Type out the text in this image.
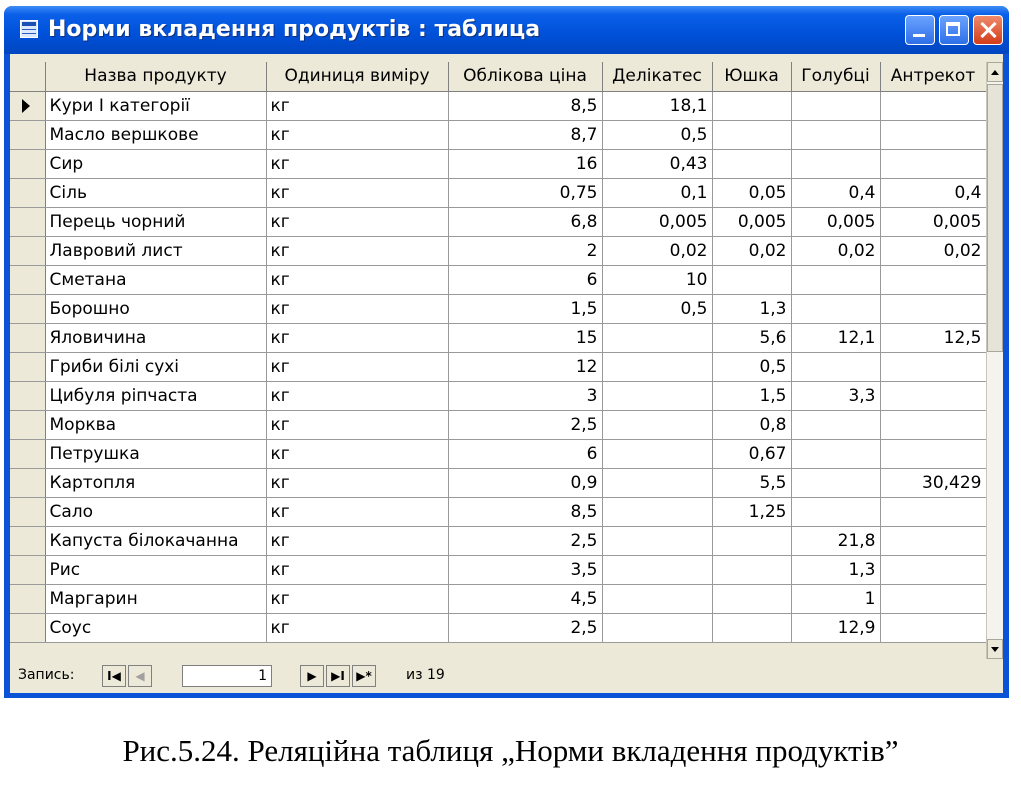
Норми вкладення продуктів : таблица
	Назва продукту	Одиниця виміру	Облікова ціна	Делікатес	Юшка	Голубці	Антрекот
	Кури І категорії	кг	8,5	18,1			
	Масло вершкове	кг	8,7	0,5			
	Сир	кг	16	0,43			
	Сіль	кг	0,75	0,1	0,05	0,4	0,4
	Перець чорний	кг	6,8	0,005	0,005	0,005	0,005
	Лавровий лист	кг	2	0,02	0,02	0,02	0,02
	Сметана	кг	6	10			
	Борошно	кг	1,5	0,5	1,3		
	Яловичина	кг	15		5,6	12,1	12,5
	Гриби білі сухі	кг	12		0,5		
	Цибуля ріпчаста	кг	3		1,5	3,3	
	Морква	кг	2,5		0,8		
	Петрушка	кг	6		0,67		
	Картопля	кг	0,9		5,5		30,429
	Сало	кг	8,5		1,25		
	Капуста білокачанна	кг	2,5			21,8	
	Рис	кг	3,5			1,3	
	Маргарин	кг	4,5			1	
	Соус	кг	2,5			12,9	
Запись:	I◀	◀	1	▶	▶I ▶*	из 19
Рис.5.24. Реляційна таблиця „Норми вкладення продуктів”
